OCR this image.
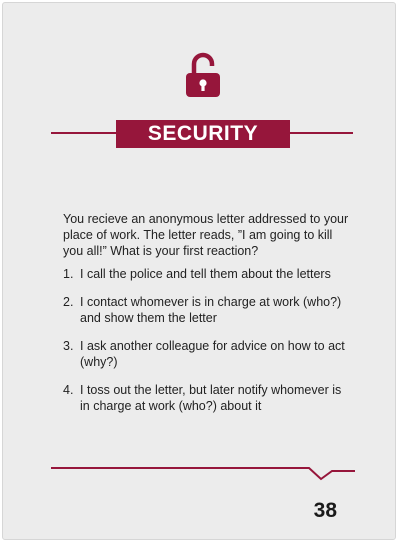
SECURITY
You recieve an anonymous letter addressed to your place of work. The letter reads, ”I am going to kill you all!” What is your first reaction?
1. I call the police and tell them about the letters
2. I contact whomever is in charge at work (who?) and show them the letter
3. I ask another colleague for advice on how to act (why?)
4. I toss out the letter, but later notify whomever is in charge at work (who?) about it
38
